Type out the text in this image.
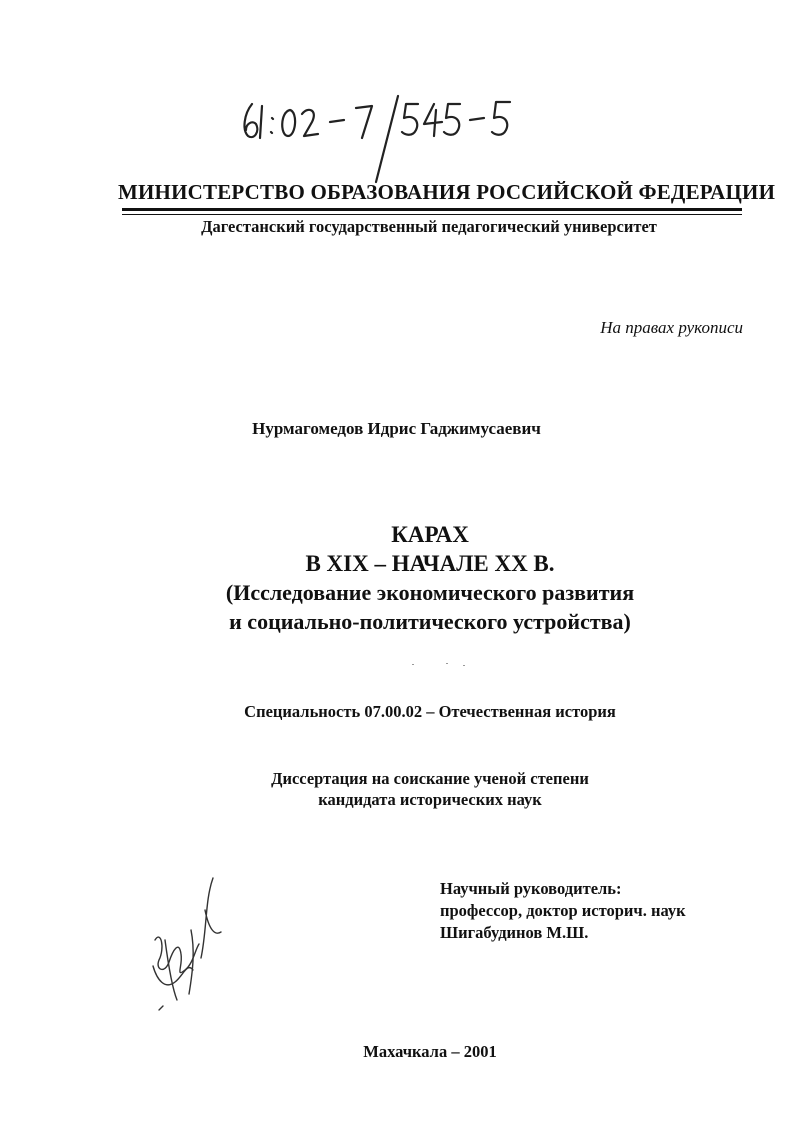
МИНИСТЕРСТВО ОБРАЗОВАНИЯ РОССИЙСКОЙ ФЕДЕРАЦИИ
Дагестанский государственный педагогический университет
На правах рукописи
Нурмагомедов Идрис Гаджимусаевич
КАРАХ
В XIX – НАЧАЛЕ XX В.
(Исследование экономического развития
и социально-политического устройства)
Специальность 07.00.02 – Отечественная история
Диссертация на соискание ученой степени
кандидата исторических наук
Научный руководитель:
профессор, доктор историч. наук
Шигабудинов М.Ш.
Махачкала – 2001
